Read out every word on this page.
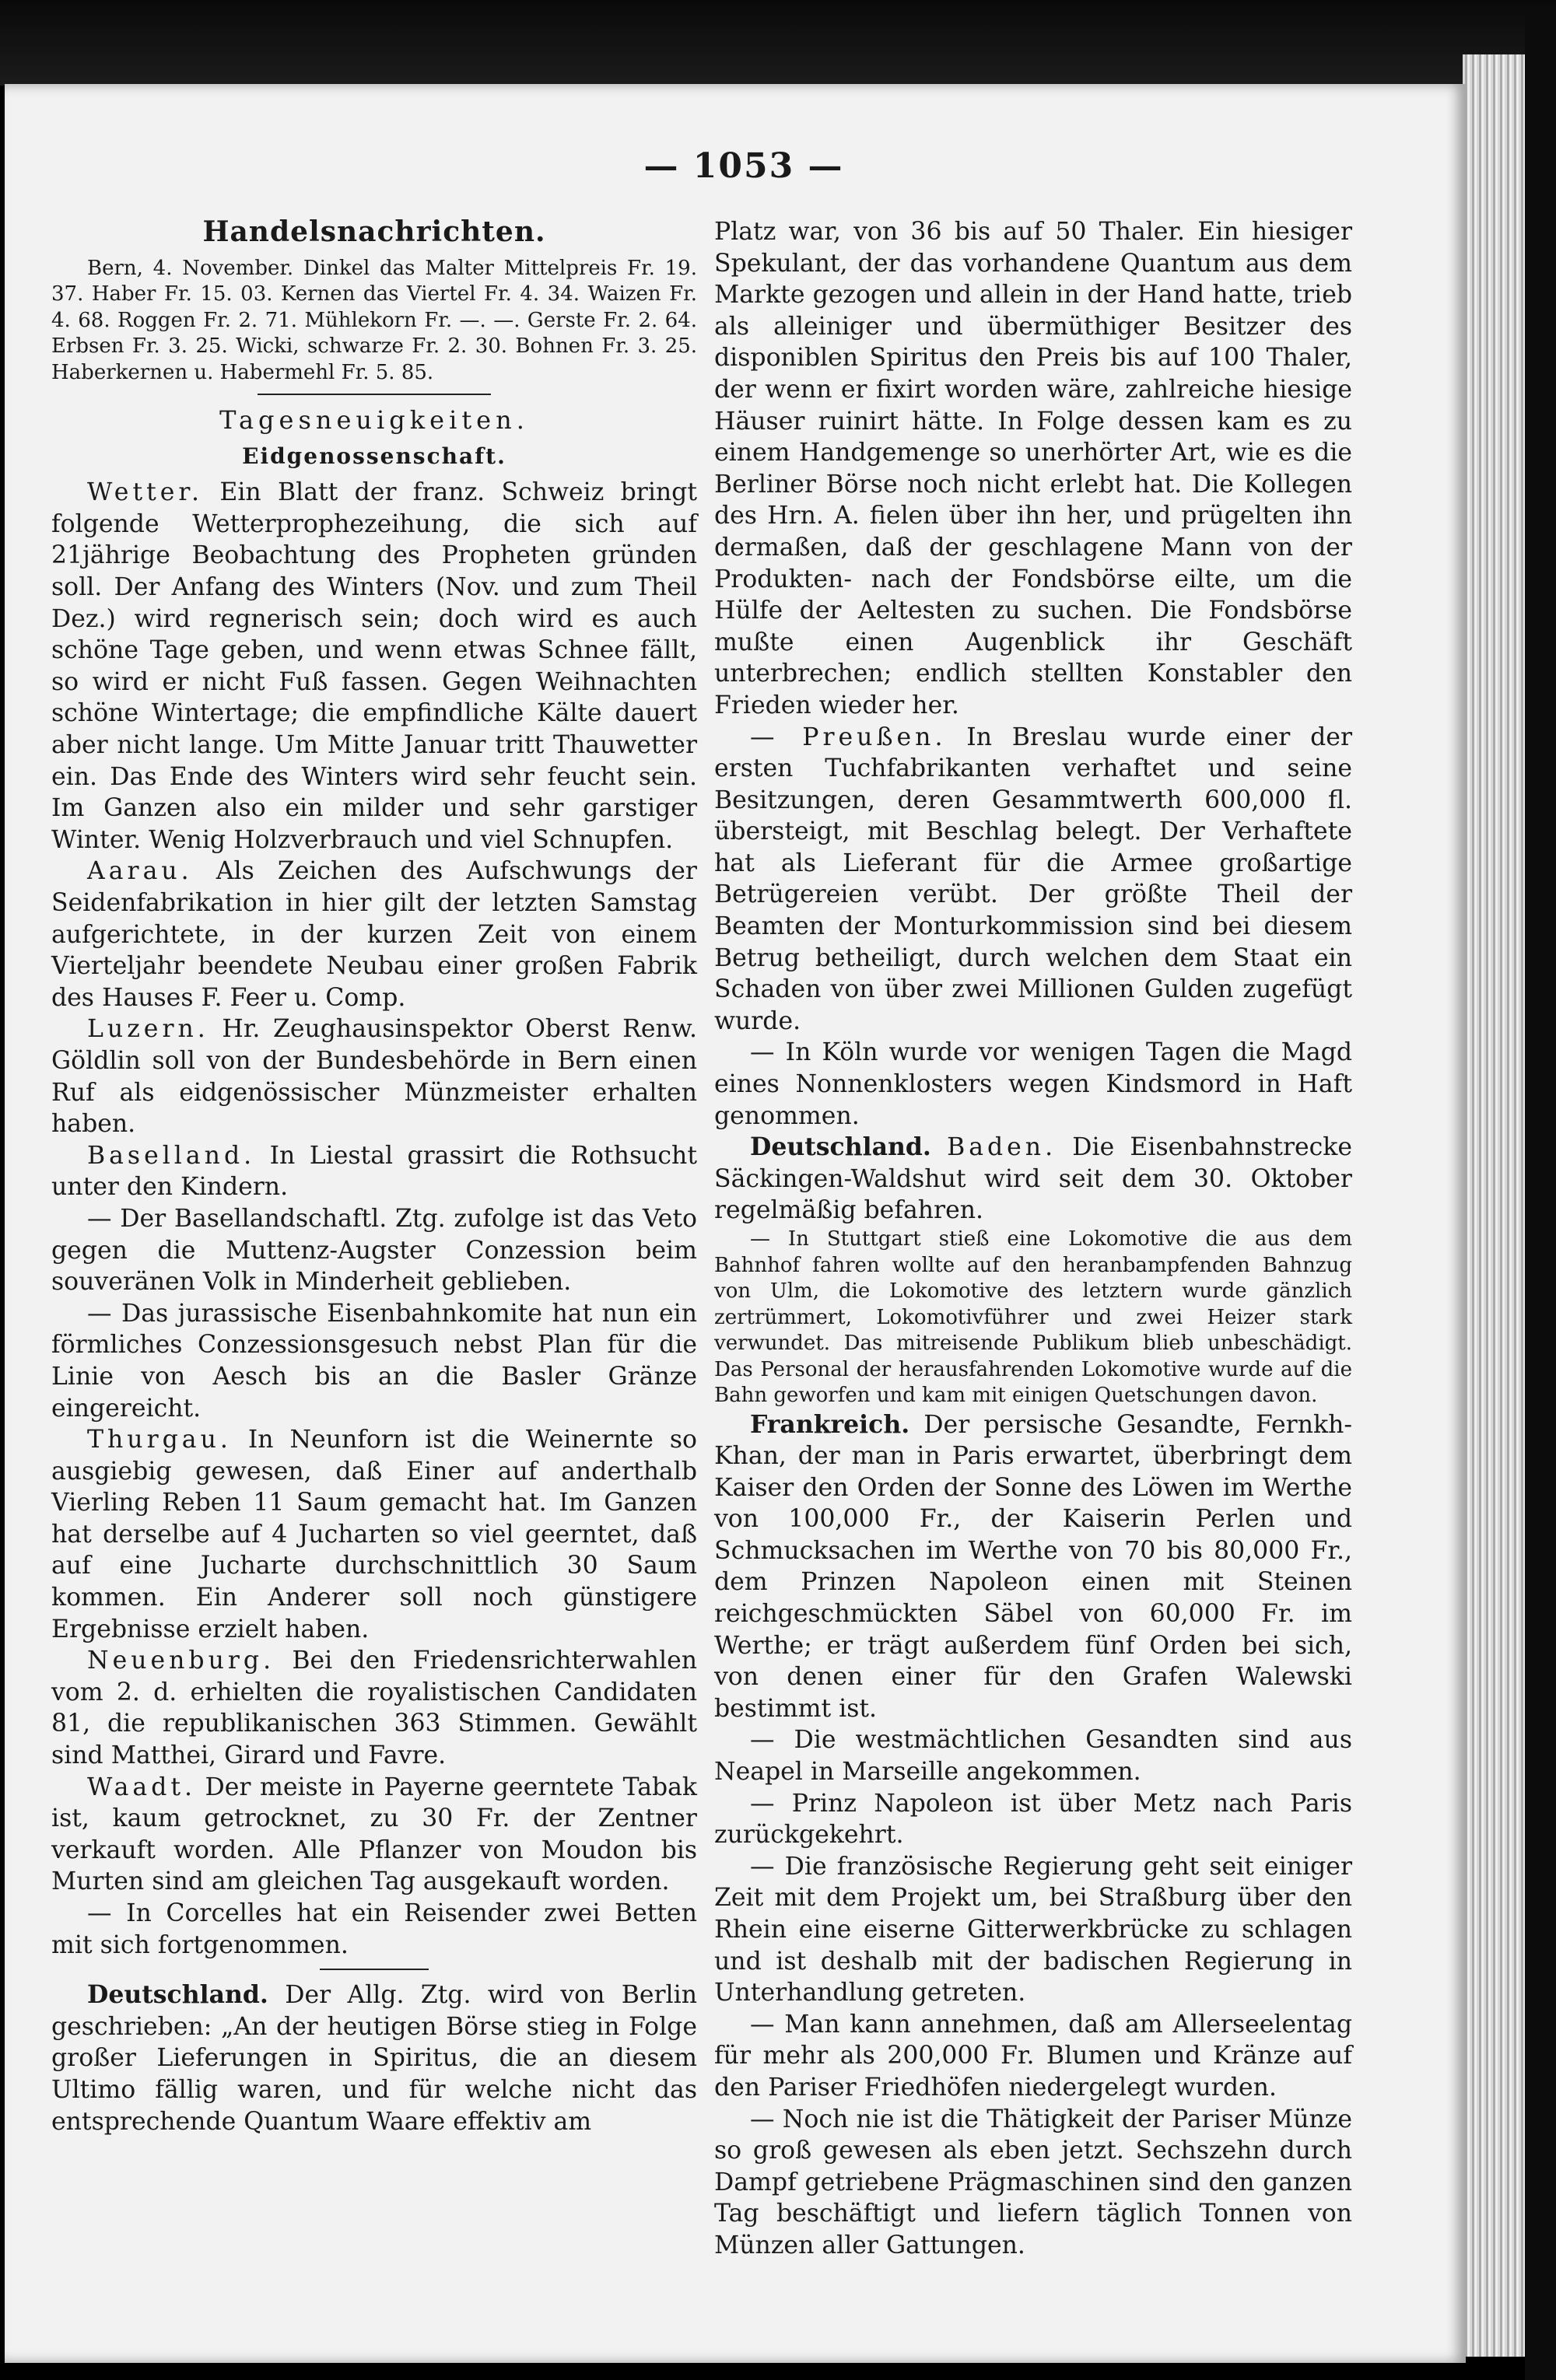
— 1053 —
Handelsnachrichten.

Bern, 4. November. Dinkel das Malter Mittelpreis Fr. 19. 37. Haber Fr. 15. 03. Kernen das Viertel Fr. 4. 34. Waizen Fr. 4. 68. Roggen Fr. 2. 71. Mühlekorn Fr. —. —. Gerste Fr. 2. 64. Erbsen Fr. 3. 25. Wicki, schwarze Fr. 2. 30. Bohnen Fr. 3. 25. Haberkernen u. Habermehl Fr. 5. 85.

Tagesneuigkeiten.
Eidgenossenschaft.

Wetter. Ein Blatt der franz. Schweiz bringt folgende Wetterprophezeihung, die sich auf 21jährige Beobachtung des Propheten gründen soll. Der Anfang des Winters (Nov. und zum Theil Dez.) wird regnerisch sein; doch wird es auch schöne Tage geben, und wenn etwas Schnee fällt, so wird er nicht Fuß fassen. Gegen Weihnachten schöne Wintertage; die empfindliche Kälte dauert aber nicht lange. Um Mitte Januar tritt Thauwetter ein. Das Ende des Winters wird sehr feucht sein. Im Ganzen also ein milder und sehr garstiger Winter. Wenig Holzverbrauch und viel Schnupfen.

Aarau. Als Zeichen des Aufschwungs der Seidenfabrikation in hier gilt der letzten Samstag aufgerichtete, in der kurzen Zeit von einem Vierteljahr beendete Neubau einer großen Fabrik des Hauses F. Feer u. Comp.

Luzern. Hr. Zeughausinspektor Oberst Renw. Göldlin soll von der Bundesbehörde in Bern einen Ruf als eidgenössischer Münzmeister erhalten haben.

Baselland. In Liestal grassirt die Rothsucht unter den Kindern.

— Der Basellandschaftl. Ztg. zufolge ist das Veto gegen die Muttenz-Augster Conzession beim souveränen Volk in Minderheit geblieben.

— Das jurassische Eisenbahnkomite hat nun ein förmliches Conzessionsgesuch nebst Plan für die Linie von Aesch bis an die Basler Gränze eingereicht.

Thurgau. In Neunforn ist die Weinernte so ausgiebig gewesen, daß Einer auf anderthalb Vierling Reben 11 Saum gemacht hat. Im Ganzen hat derselbe auf 4 Jucharten so viel geerntet, daß auf eine Jucharte durchschnittlich 30 Saum kommen. Ein Anderer soll noch günstigere Ergebnisse erzielt haben.

Neuenburg. Bei den Friedensrichterwahlen vom 2. d. erhielten die royalistischen Candidaten 81, die republikanischen 363 Stimmen. Gewählt sind Matthei, Girard und Favre.

Waadt. Der meiste in Payerne geerntete Tabak ist, kaum getrocknet, zu 30 Fr. der Zentner verkauft worden. Alle Pflanzer von Moudon bis Murten sind am gleichen Tag ausgekauft worden.

— In Corcelles hat ein Reisender zwei Betten mit sich fortgenommen.

Deutschland. Der Allg. Ztg. wird von Berlin geschrieben: „An der heutigen Börse stieg in Folge großer Lieferungen in Spiritus, die an diesem Ultimo fällig waren, und für welche nicht das entsprechende Quantum Waare effektiv am

Platz war, von 36 bis auf 50 Thaler. Ein hiesiger Spekulant, der das vorhandene Quantum aus dem Markte gezogen und allein in der Hand hatte, trieb als alleiniger und übermüthiger Besitzer des disponiblen Spiritus den Preis bis auf 100 Thaler, der wenn er fixirt worden wäre, zahlreiche hiesige Häuser ruinirt hätte. In Folge dessen kam es zu einem Handgemenge so unerhörter Art, wie es die Berliner Börse noch nicht erlebt hat. Die Kollegen des Hrn. A. fielen über ihn her, und prügelten ihn dermaßen, daß der geschlagene Mann von der Produkten- nach der Fondsbörse eilte, um die Hülfe der Aeltesten zu suchen. Die Fondsbörse mußte einen Augenblick ihr Geschäft unterbrechen; endlich stellten Konstabler den Frieden wieder her.

— Preußen. In Breslau wurde einer der ersten Tuchfabrikanten verhaftet und seine Besitzungen, deren Gesammtwerth 600,000 fl. übersteigt, mit Beschlag belegt. Der Verhaftete hat als Lieferant für die Armee großartige Betrügereien verübt. Der größte Theil der Beamten der Monturkommission sind bei diesem Betrug betheiligt, durch welchen dem Staat ein Schaden von über zwei Millionen Gulden zugefügt wurde.

— In Köln wurde vor wenigen Tagen die Magd eines Nonnenklosters wegen Kindsmord in Haft genommen.

Deutschland. Baden. Die Eisenbahnstrecke Säckingen-Waldshut wird seit dem 30. Oktober regelmäßig befahren.

— In Stuttgart stieß eine Lokomotive die aus dem Bahnhof fahren wollte auf den heranbampfenden Bahnzug von Ulm, die Lokomotive des letztern wurde gänzlich zertrümmert, Lokomotivführer und zwei Heizer stark verwundet. Das mitreisende Publikum blieb unbeschädigt. Das Personal der herausfahrenden Lokomotive wurde auf die Bahn geworfen und kam mit einigen Quetschungen davon.

Frankreich. Der persische Gesandte, Fernkh-Khan, der man in Paris erwartet, überbringt dem Kaiser den Orden der Sonne des Löwen im Werthe von 100,000 Fr., der Kaiserin Perlen und Schmucksachen im Werthe von 70 bis 80,000 Fr., dem Prinzen Napoleon einen mit Steinen reichgeschmückten Säbel von 60,000 Fr. im Werthe; er trägt außerdem fünf Orden bei sich, von denen einer für den Grafen Walewski bestimmt ist.

— Die westmächtlichen Gesandten sind aus Neapel in Marseille angekommen.

— Prinz Napoleon ist über Metz nach Paris zurückgekehrt.

— Die französische Regierung geht seit einiger Zeit mit dem Projekt um, bei Straßburg über den Rhein eine eiserne Gitterwerkbrücke zu schlagen und ist deshalb mit der badischen Regierung in Unterhandlung getreten.

— Man kann annehmen, daß am Allerseelentag für mehr als 200,000 Fr. Blumen und Kränze auf den Pariser Friedhöfen niedergelegt wurden.

— Noch nie ist die Thätigkeit der Pariser Münze so groß gewesen als eben jetzt. Sechszehn durch Dampf getriebene Prägmaschinen sind den ganzen Tag beschäftigt und liefern täglich Tonnen von Münzen aller Gattungen.
